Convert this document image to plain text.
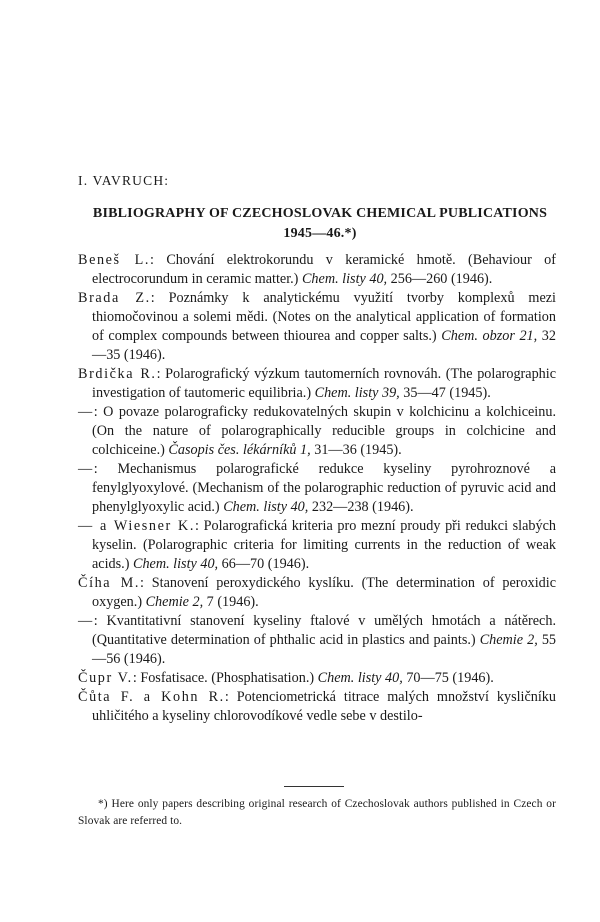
I. VAVRUCH:
BIBLIOGRAPHY OF CZECHOSLOVAK CHEMICAL PUBLICATIONS
1945—46.*)

Beneš L.: Chování elektrokorundu v keramické hmotě. (Behaviour of electrocorundum in ceramic matter.) Chem. listy 40, 256—260 (1946).

Brada Z.: Poznámky k analytickému využití tvorby komplexů mezi thiomočovinou a solemi mědi. (Notes on the analytical application of formation of complex compounds between thiourea and copper salts.) Chem. obzor 21, 32—35 (1946).

Brdička R.: Polarografický výzkum tautomerních rovnováh. (The polarographic investigation of tautomeric equilibria.) Chem. listy 39, 35—47 (1945).

—: O povaze polarograficky redukovatelných skupin v kolchicinu a kolchiceinu. (On the nature of polarographically reducible groups in colchicine and colchiceine.) Časopis čes. lékárníků 1, 31—36 (1945).

—: Mechanismus polarografické redukce kyseliny pyrohroznové a fenylglyoxylové. (Mechanism of the polarographic reduction of pyruvic acid and phenylglyoxylic acid.) Chem. listy 40, 232—238 (1946).

— a Wiesner K.: Polarografická kriteria pro mezní proudy při redukci slabých kyselin. (Polarographic criteria for limiting currents in the reduction of weak acids.) Chem. listy 40, 66—70 (1946).

Číha M.: Stanovení peroxydického kyslíku. (The determination of peroxidic oxygen.) Chemie 2, 7 (1946).

—: Kvantitativní stanovení kyseliny ftalové v umělých hmotách a nátěrech. (Quantitative determination of phthalic acid in plastics and paints.) Chemie 2, 55—56 (1946).

Čupr V.: Fosfatisace. (Phosphatisation.) Chem. listy 40, 70—75 (1946).

Čůta F. a Kohn R.: Potenciometrická titrace malých množství kysličníku uhličitého a kyseliny chlorovodíkové vedle sebe v destilo-

*) Here only papers describing original research of Czechoslovak authors published in Czech or Slovak are referred to.
